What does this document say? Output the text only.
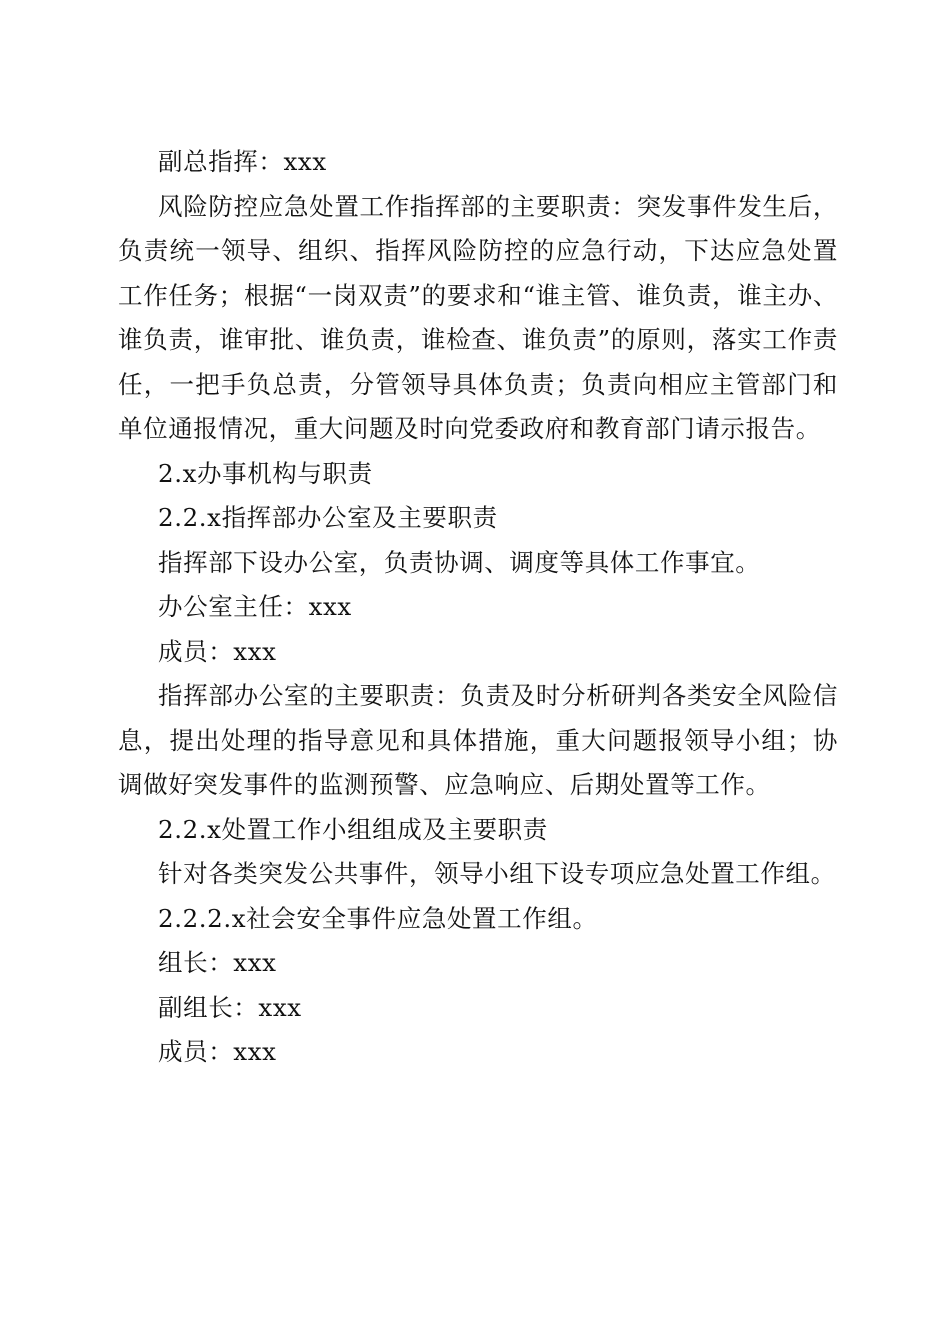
副总指挥：xxx

风险防控应急处置工作指挥部的主要职责：突发事件发生后，负责统一领导、组织、指挥风险防控的应急行动，下达应急处置工作任务；根据“一岗双责”的要求和“谁主管、谁负责，谁主办、谁负责，谁审批、谁负责，谁检查、谁负责”的原则，落实工作责任，一把手负总责，分管领导具体负责；负责向相应主管部门和单位通报情况，重大问题及时向党委政府和教育部门请示报告。

2.x办事机构与职责

2.2.x指挥部办公室及主要职责

指挥部下设办公室，负责协调、调度等具体工作事宜。

办公室主任：xxx

成员：xxx

指挥部办公室的主要职责：负责及时分析研判各类安全风险信息，提出处理的指导意见和具体措施，重大问题报领导小组；协调做好突发事件的监测预警、应急响应、后期处置等工作。

2.2.x处置工作小组组成及主要职责

针对各类突发公共事件，领导小组下设专项应急处置工作组。

2.2.2.x社会安全事件应急处置工作组。

组长：xxx

副组长：xxx

成员：xxx
